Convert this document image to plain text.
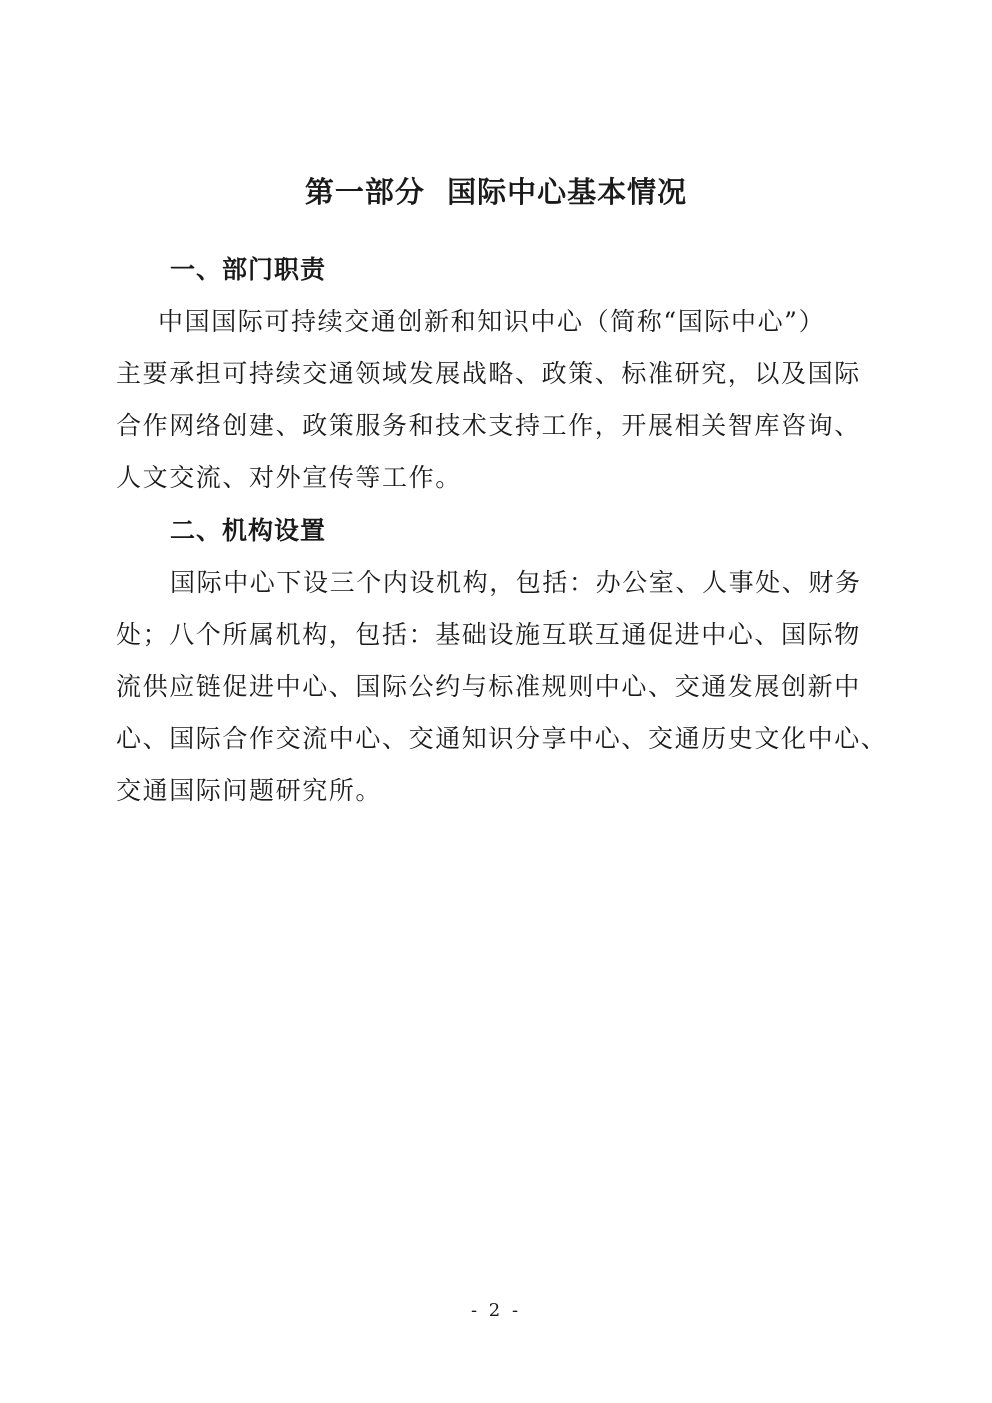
第一部分  国际中心基本情况
一、部门职责
中国国际可持续交通创新和知识中心（简称“国际中心”）
主要承担可持续交通领域发展战略、政策、标准研究，以及国际
合作网络创建、政策服务和技术支持工作，开展相关智库咨询、
人文交流、对外宣传等工作。
二、机构设置
国际中心下设三个内设机构，包括：办公室、人事处、财务
处；八个所属机构，包括：基础设施互联互通促进中心、国际物
流供应链促进中心、国际公约与标准规则中心、交通发展创新中
心、国际合作交流中心、交通知识分享中心、交通历史文化中心、
交通国际问题研究所。
- 2 -
